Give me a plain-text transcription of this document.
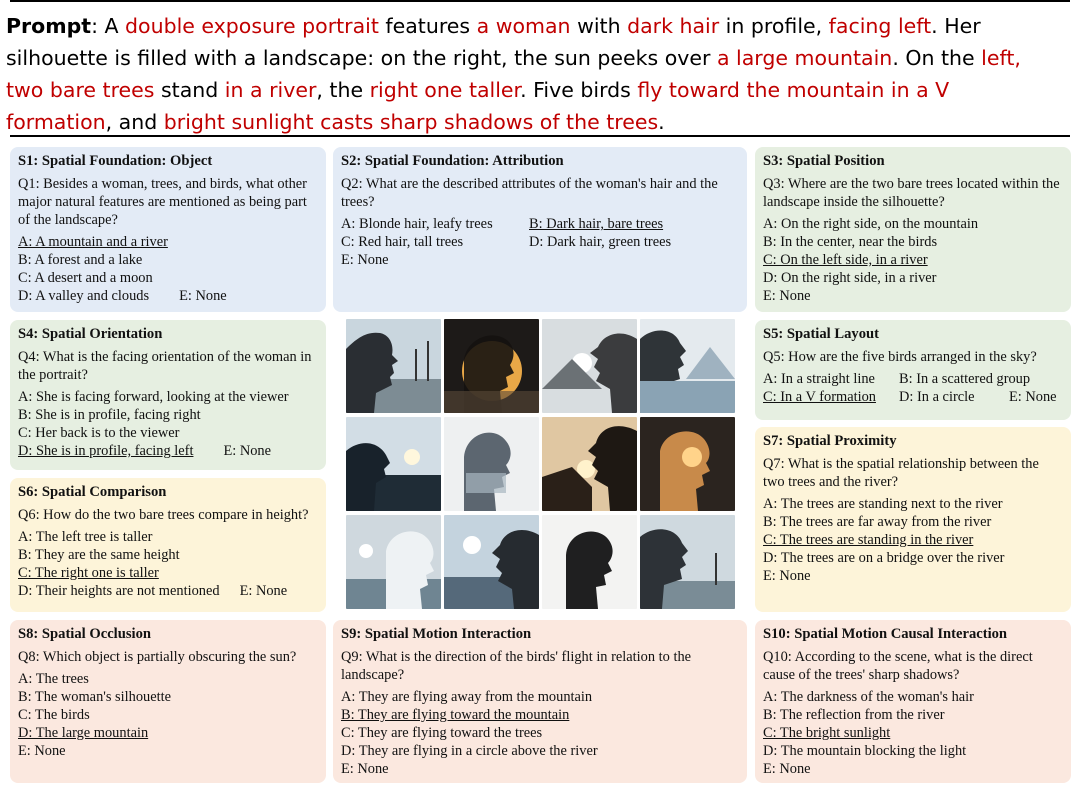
Prompt: A double exposure portrait features a woman with dark hair in profile, facing left. Her silhouette is filled with a landscape: on the right, the sun peeks over a large mountain. On the left, two bare trees stand in a river, the right one taller. Five birds fly toward the mountain in a V formation, and bright sunlight casts sharp shadows of the trees.
S1: Spatial Foundation: Object
Q1: Besides a woman, trees, and birds, what other major natural features are mentioned as being part of the landscape?
A: A mountain and a river
B: A forest and a lake
C: A desert and a moon
D: A valley and clouds E: None
S2: Spatial Foundation: Attribution
Q2: What are the described attributes of the woman's hair and the trees?
A: Blonde hair, leafy trees	B: Dark hair, bare trees
C: Red hair, tall trees	D: Dark hair, green trees
E: None
S3: Spatial Position
Q3: Where are the two bare trees located within the landscape inside the silhouette?
A: On the right side, on the mountain
B: In the center, near the birds
C: On the left side, in a river
D: On the right side, in a river
E: None
S4: Spatial Orientation
Q4: What is the facing orientation of the woman in the portrait?
A: She is facing forward, looking at the viewer
B: She is in profile, facing right
C: Her back is to the viewer
D: She is in profile, facing left E: None
S5: Spatial Layout
Q5: How are the five birds arranged in the sky?
A: In a straight line	B: In a scattered group
C: In a V formation	D: In a circle	E: None
S6: Spatial Comparison
Q6: How do the two bare trees compare in height?
A: The left tree is taller
B: They are the same height
C: The right one is taller
D: Their heights are not mentioned E: None
S7: Spatial Proximity
Q7: What is the spatial relationship between the two trees and the river?
A: The trees are standing next to the river
B: The trees are far away from the river
C: The trees are standing in the river
D: The trees are on a bridge over the river
E: None
S8: Spatial Occlusion
Q8: Which object is partially obscuring the sun?
A: The trees
B: The woman's silhouette
C: The birds
D: The large mountain
E: None
S9: Spatial Motion Interaction
Q9: What is the direction of the birds' flight in relation to the landscape?
A: They are flying away from the mountain
B: They are flying toward the mountain
C: They are flying toward the trees
D: They are flying in a circle above the river
E: None
S10: Spatial Motion Causal Interaction
Q10: According to the scene, what is the direct cause of the trees' sharp shadows?
A: The darkness of the woman's hair
B: The reflection from the river
C: The bright sunlight
D: The mountain blocking the light
E: None
